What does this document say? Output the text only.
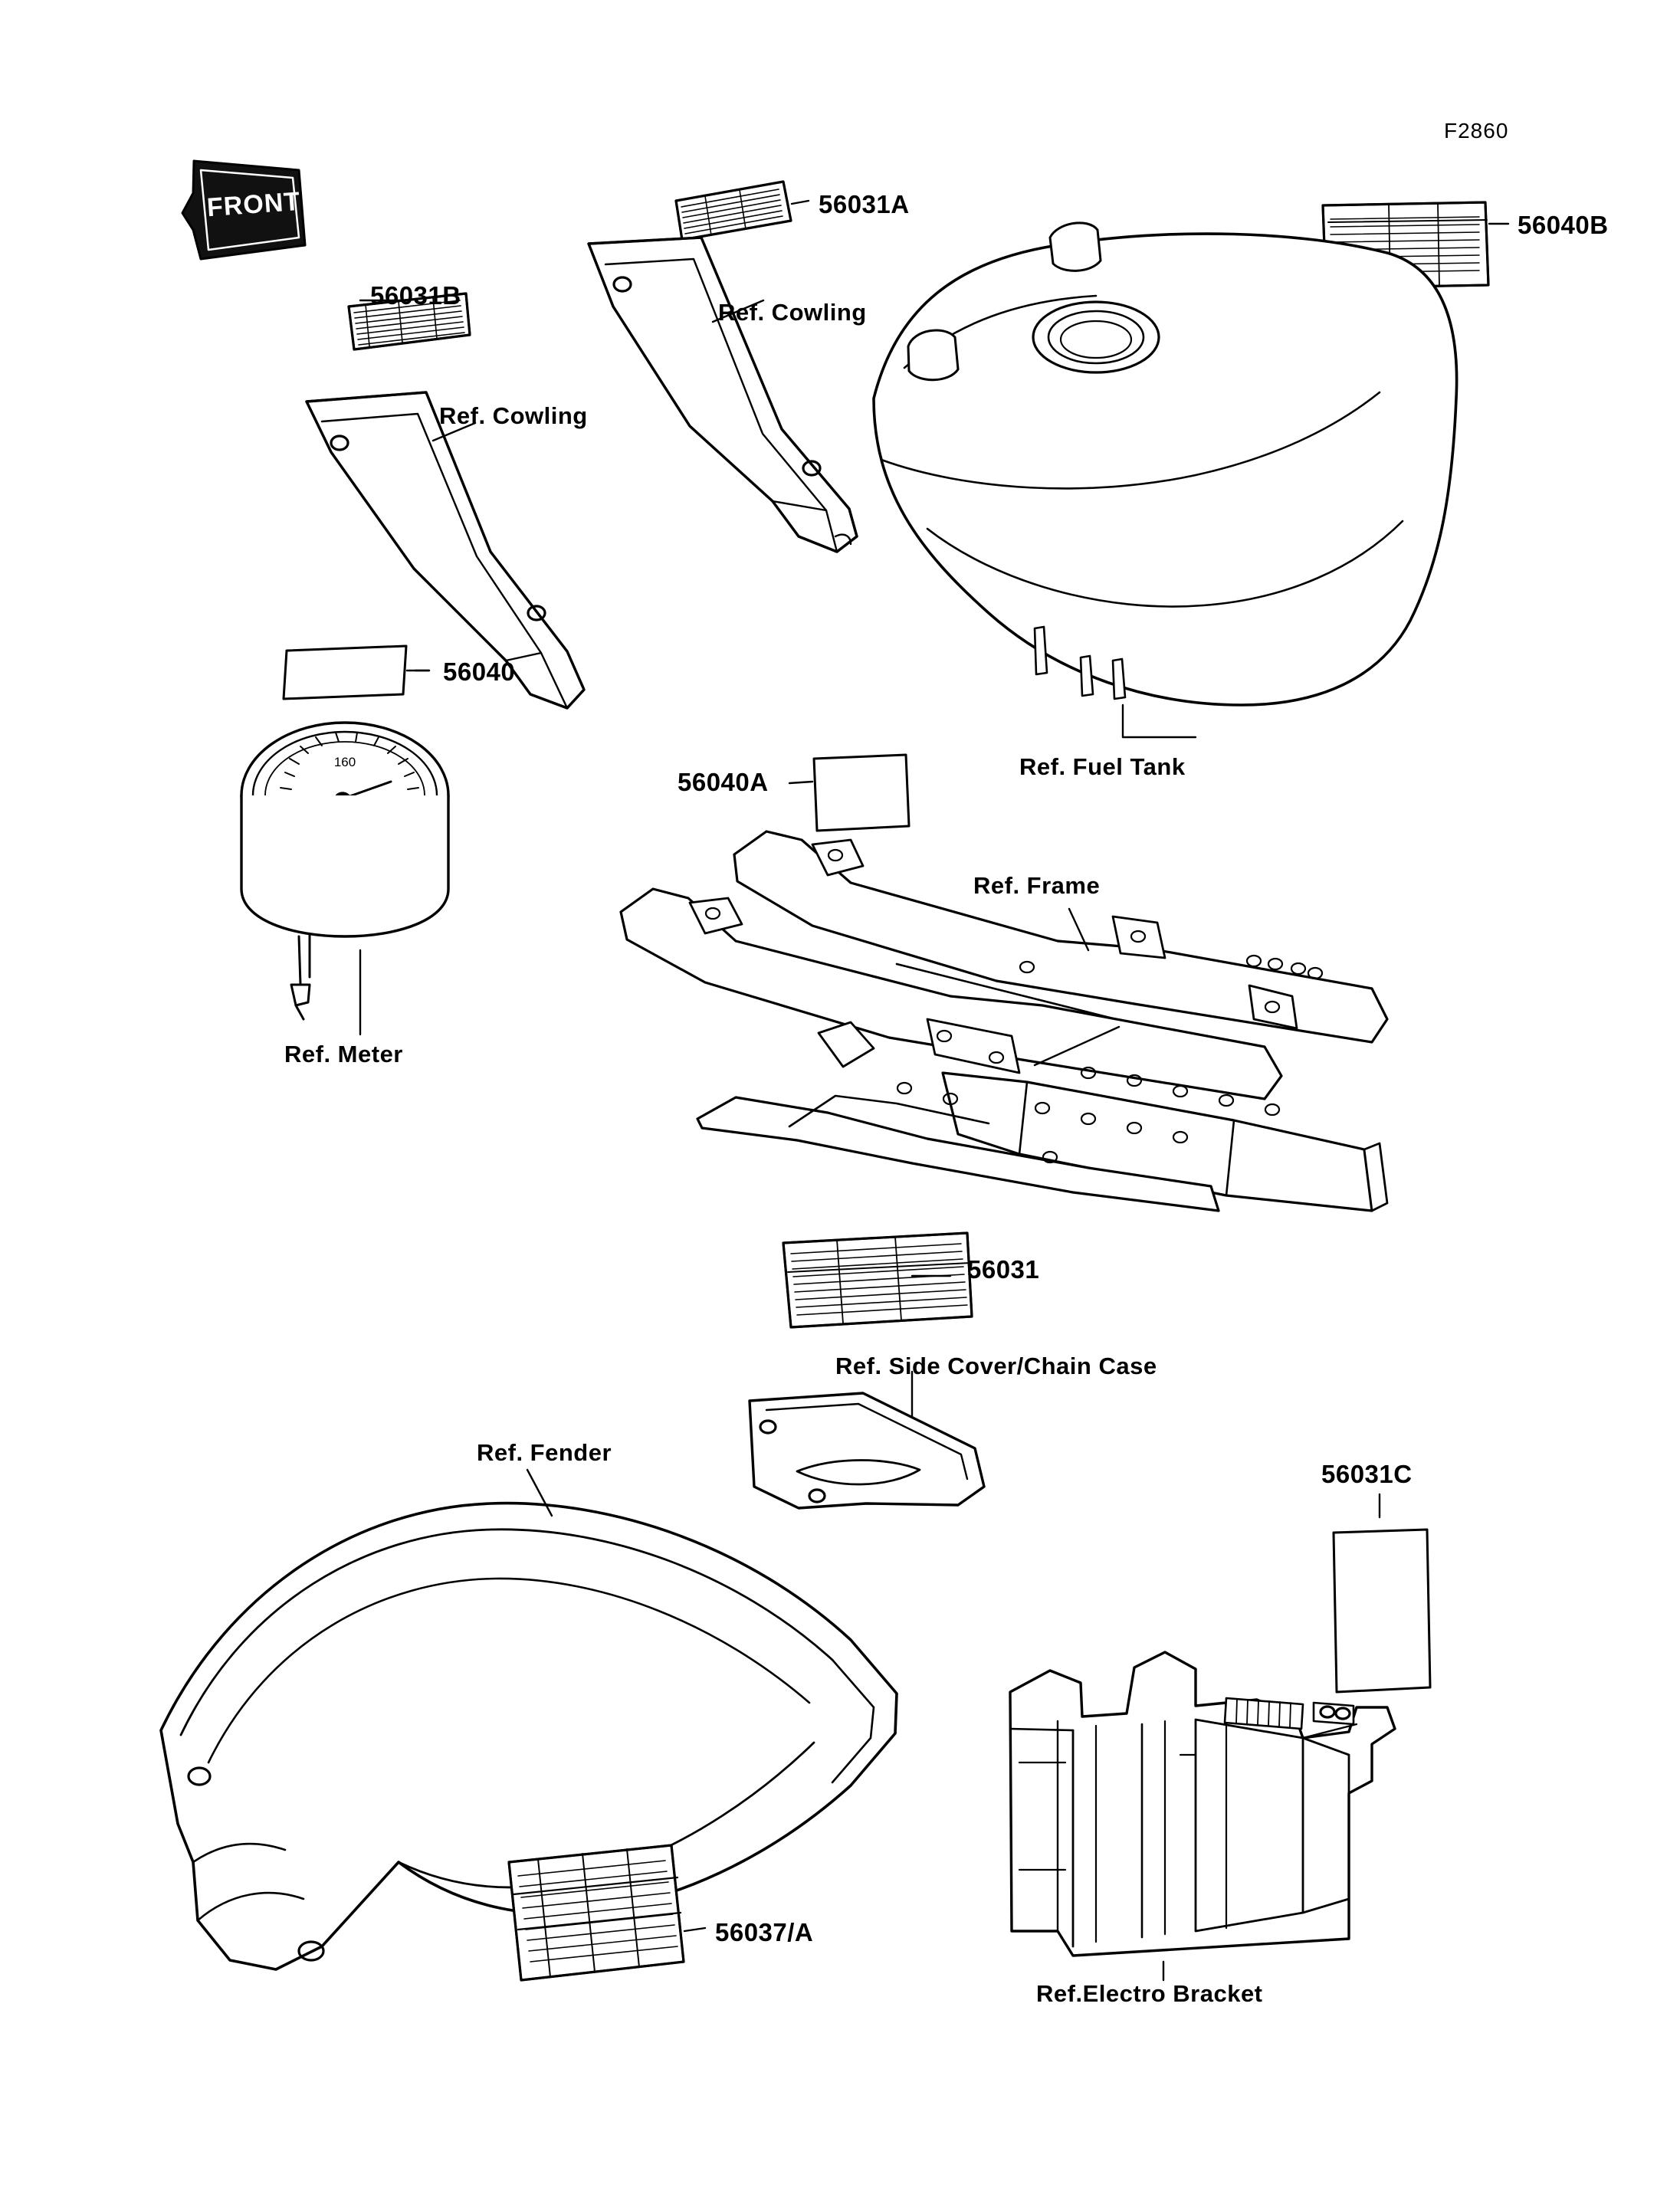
160
FRONT
F2860
56031B
56031A
56040B
56040
56040A
56031
56031C
56037/A
Ref. Cowling
Ref. Cowling
Ref. Fuel Tank
Ref. Frame
Ref. Meter
Ref. Side Cover/Chain Case
Ref. Fender
Ref.Electro Bracket
